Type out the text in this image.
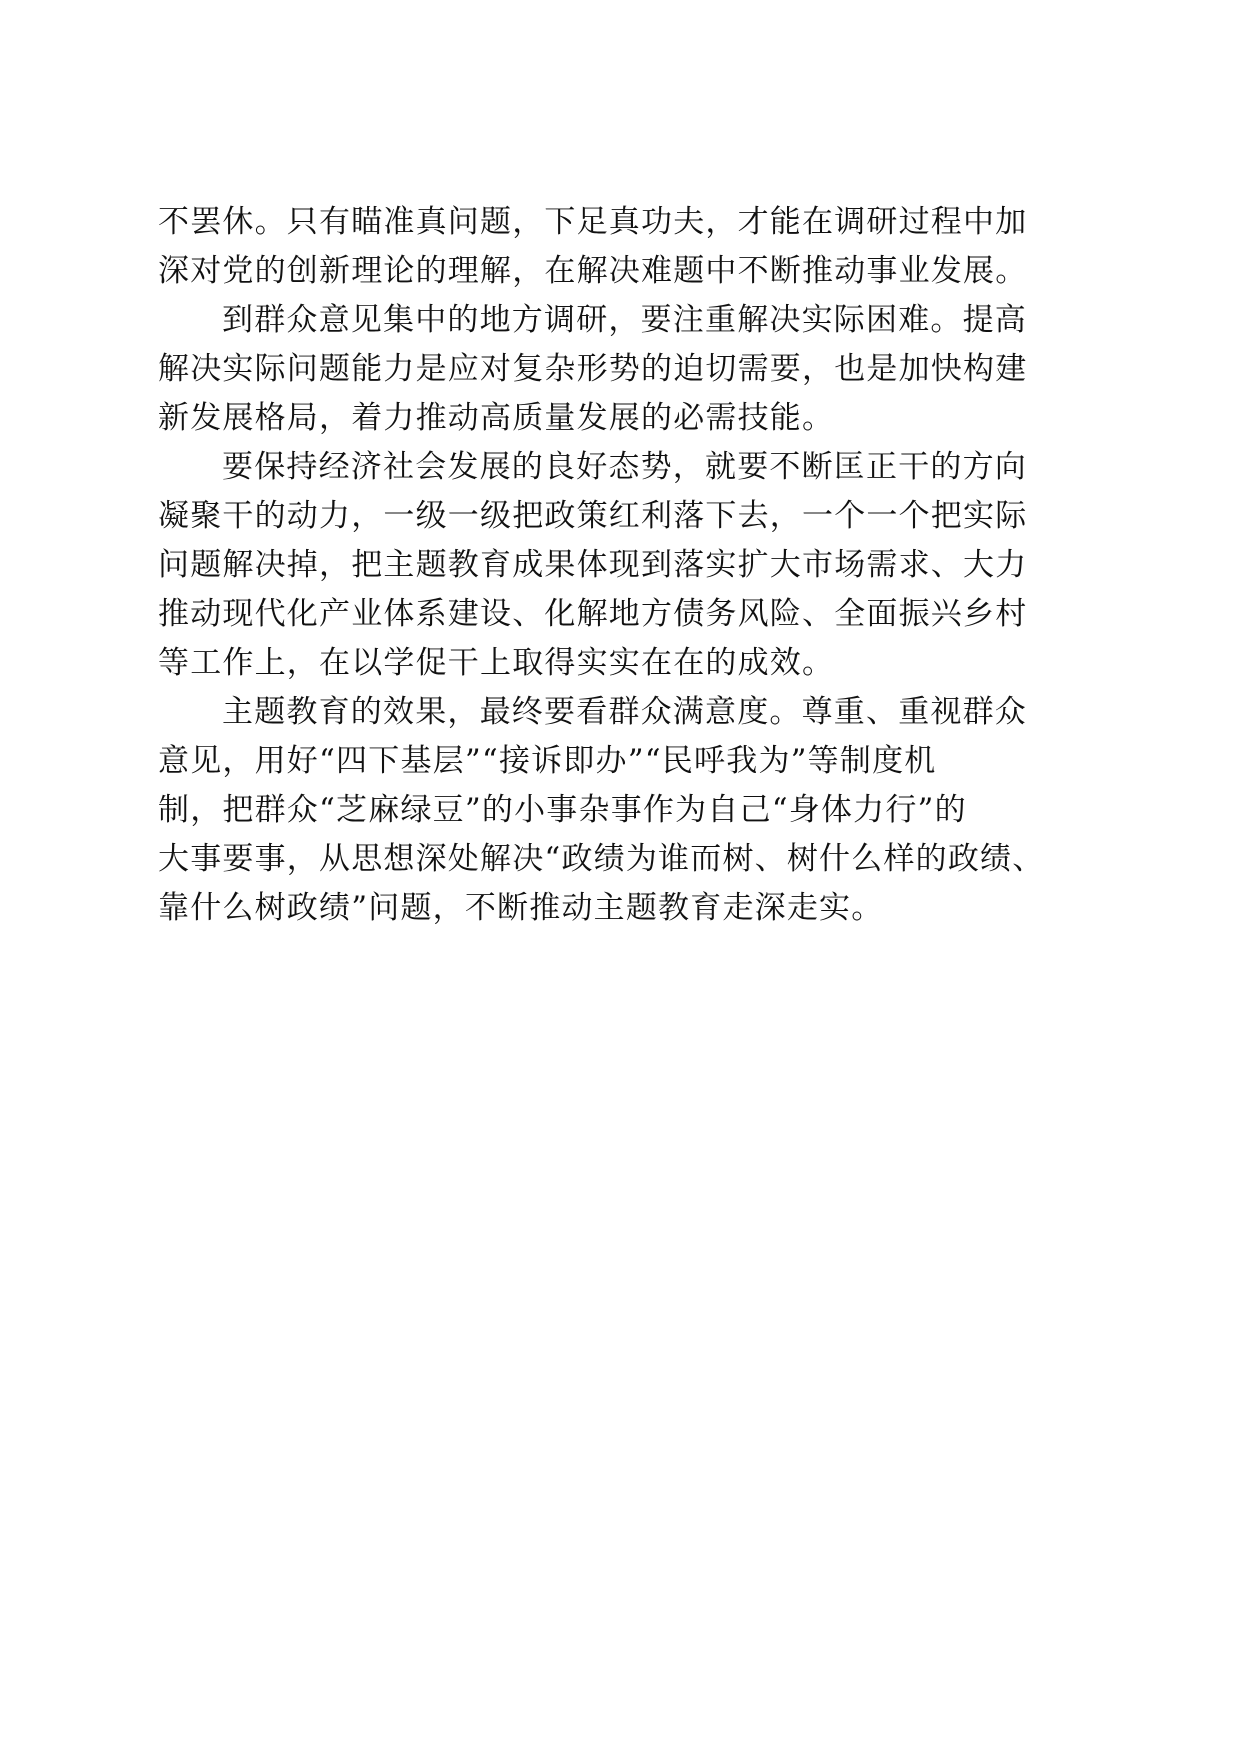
不罢休。只有瞄准真问题，下足真功夫，才能在调研过程中加
深对党的创新理论的理解，在解决难题中不断推动事业发展。
到群众意见集中的地方调研，要注重解决实际困难。提高
解决实际问题能力是应对复杂形势的迫切需要，也是加快构建
新发展格局，着力推动高质量发展的必需技能。
要保持经济社会发展的良好态势，就要不断匡正干的方向
凝聚干的动力，一级一级把政策红利落下去，一个一个把实际
问题解决掉，把主题教育成果体现到落实扩大市场需求、大力
推动现代化产业体系建设、化解地方债务风险、全面振兴乡村
等工作上，在以学促干上取得实实在在的成效。
主题教育的效果，最终要看群众满意度。尊重、重视群众
意见，用好“四下基层”“接诉即办”“民呼我为”等制度机
制，把群众“芝麻绿豆”的小事杂事作为自己“身体力行”的
大事要事，从思想深处解决“政绩为谁而树、树什么样的政绩、
靠什么树政绩”问题，不断推动主题教育走深走实。
